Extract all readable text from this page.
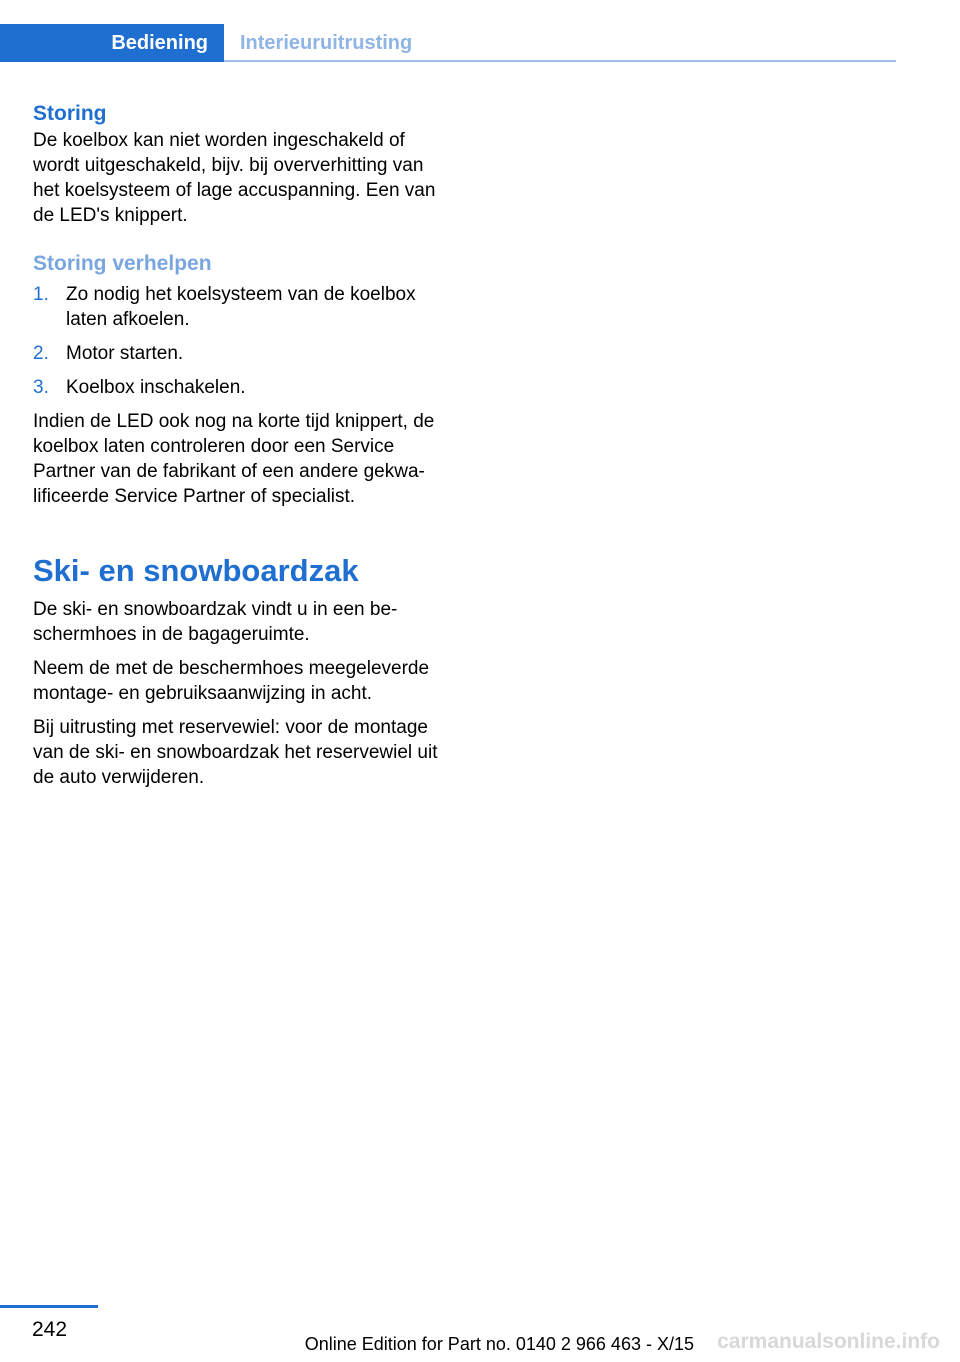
Bediening	Interieuruitrusting
Storing

De koelbox kan niet worden ingeschakeld of wordt uitgeschakeld, bijv. bij oververhitting van het koelsysteem of lage accuspanning. Een van de LED's knippert.

Storing verhelpen
1. Zo nodig het koelsysteem van de koelbox laten afkoelen.
2. Motor starten.
3. Koelbox inschakelen.

Indien de LED ook nog na korte tijd knippert, de koelbox laten controleren door een Service Partner van de fabrikant of een andere gekwalificeerde Service Partner of specialist.

Ski- en snowboardzak

De ski- en snowboardzak vindt u in een beschermhoes in de bagageruimte.

Neem de met de beschermhoes meegeleverde montage- en gebruiksaanwijzing in acht.

Bij uitrusting met reservewiel: voor de montage van de ski- en snowboardzak het reservewiel uit de auto verwijderen.

242
Online Edition for Part no. 0140 2 966 463 - X/15 carmanualsonline.info
